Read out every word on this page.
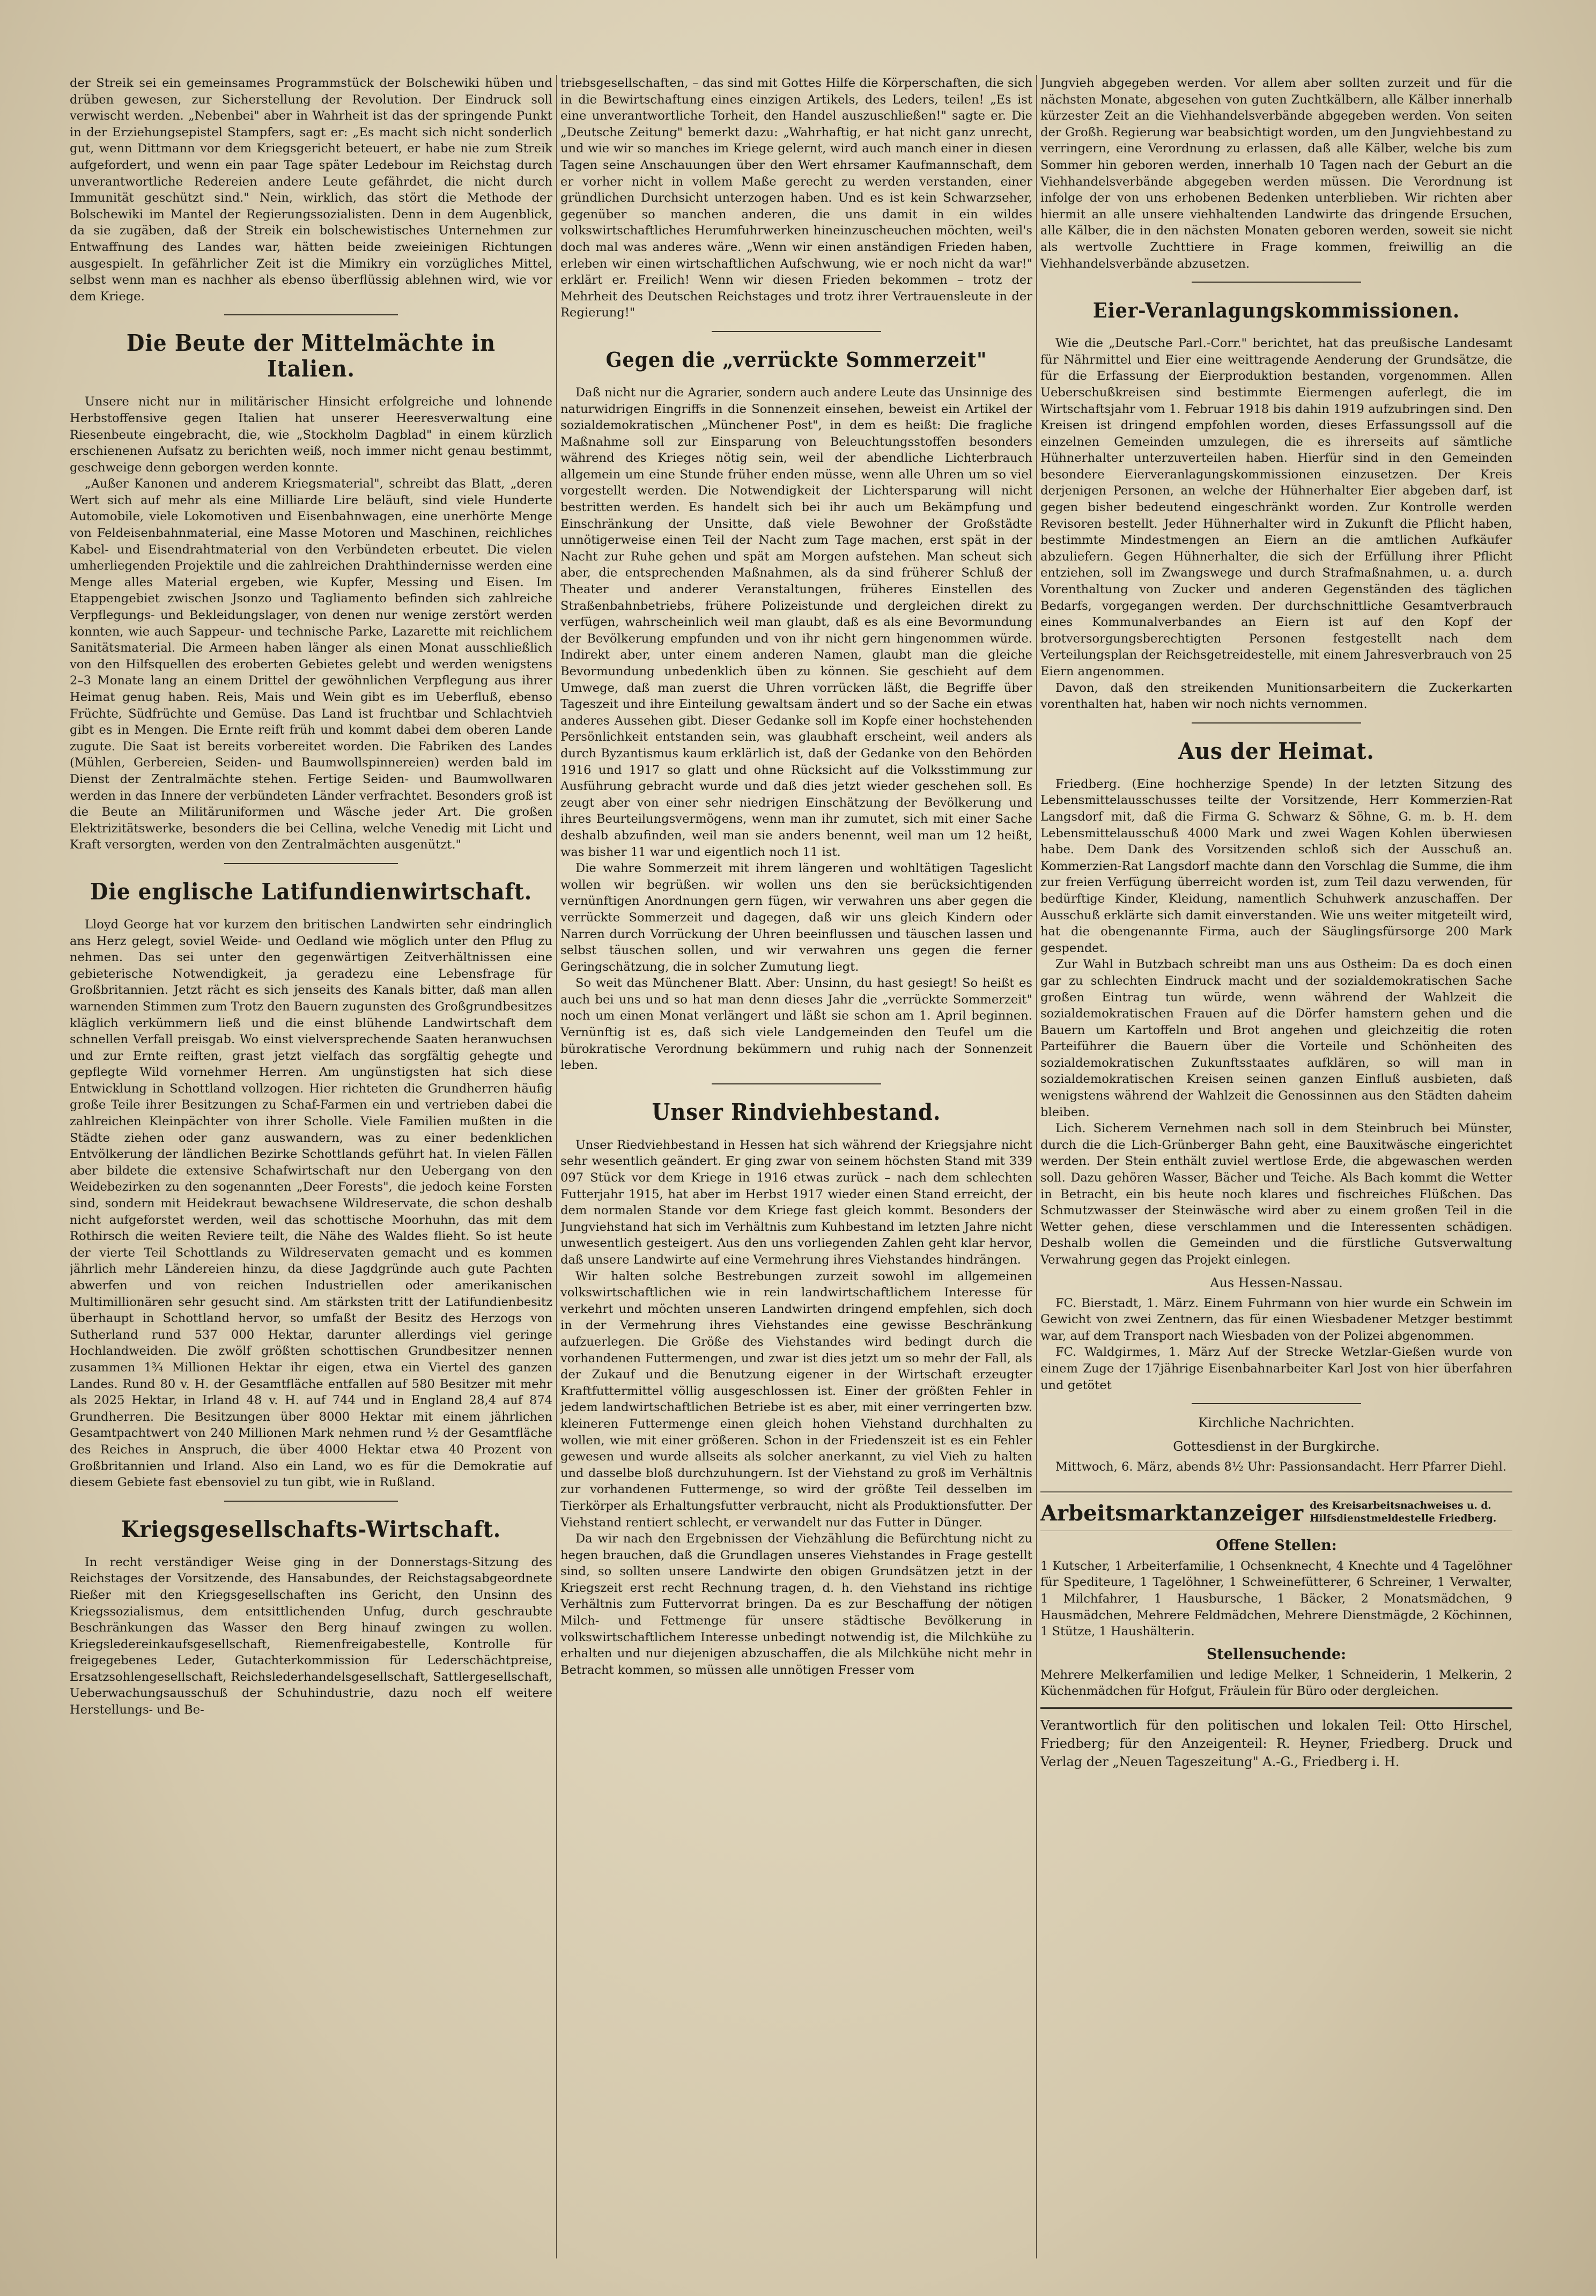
der Streik sei ein gemeinsames Programmstück der Bolschewiki hüben und drüben gewesen, zur Sicherstellung der Revolution. Der Eindruck soll verwischt werden. „Nebenbei" aber in Wahrheit ist das der springende Punkt in der Erziehungsepistel Stampfers, sagt er: „Es macht sich nicht sonderlich gut, wenn Dittmann vor dem Kriegsgericht beteuert, er habe nie zum Streik aufgefordert, und wenn ein paar Tage später Ledebour im Reichstag durch unverantwortliche Redereien andere Leute gefährdet, die nicht durch Immunität geschützt sind." Nein, wirklich, das stört die Methode der Bolschewiki im Mantel der Regierungssozialisten. Denn in dem Augenblick, da sie zugäben, daß der Streik ein bolschewistisches Unternehmen zur Entwaffnung des Landes war, hätten beide zweieinigen Richtungen ausgespielt. In gefährlicher Zeit ist die Mimikry ein vorzügliches Mittel, selbst wenn man es nachher als ebenso überflüssig ablehnen wird, wie vor dem Kriege.

Die Beute der Mittelmächte in Italien.

Unsere nicht nur in militärischer Hinsicht erfolgreiche und lohnende Herbstoffensive gegen Italien hat unserer Heeresverwaltung eine Riesenbeute eingebracht, die, wie „Stockholm Dagblad" in einem kürzlich erschienenen Aufsatz zu berichten weiß, noch immer nicht genau bestimmt, geschweige denn geborgen werden konnte.

„Außer Kanonen und anderem Kriegsmaterial", schreibt das Blatt, „deren Wert sich auf mehr als eine Milliarde Lire beläuft, sind viele Hunderte Automobile, viele Lokomotiven und Eisenbahnwagen, eine unerhörte Menge von Feldeisenbahnmaterial, eine Masse Motoren und Maschinen, reichliches Kabel- und Eisendrahtmaterial von den Verbündeten erbeutet. Die vielen umherliegenden Projektile und die zahlreichen Drahthindernisse werden eine Menge alles Material ergeben, wie Kupfer, Messing und Eisen. Im Etappengebiet zwischen Jsonzo und Tagliamento befinden sich zahlreiche Verpflegungs- und Bekleidungslager, von denen nur wenige zerstört werden konnten, wie auch Sappeur- und technische Parke, Lazarette mit reichlichem Sanitätsmaterial. Die Armeen haben länger als einen Monat ausschließlich von den Hilfsquellen des eroberten Gebietes gelebt und werden wenigstens 2–3 Monate lang an einem Drittel der gewöhnlichen Verpflegung aus ihrer Heimat genug haben. Reis, Mais und Wein gibt es im Ueberfluß, ebenso Früchte, Südfrüchte und Gemüse. Das Land ist fruchtbar und Schlachtvieh gibt es in Mengen. Die Ernte reift früh und kommt dabei dem oberen Lande zugute. Die Saat ist bereits vorbereitet worden. Die Fabriken des Landes (Mühlen, Gerbereien, Seiden- und Baumwollspinnereien) werden bald im Dienst der Zentralmächte stehen. Fertige Seiden- und Baumwollwaren werden in das Innere der verbündeten Länder verfrachtet. Besonders groß ist die Beute an Militäruniformen und Wäsche jeder Art. Die großen Elektrizitätswerke, besonders die bei Cellina, welche Venedig mit Licht und Kraft versorgten, werden von den Zentralmächten ausgenützt."

Die englische Latifundienwirtschaft.

Lloyd George hat vor kurzem den britischen Landwirten sehr eindringlich ans Herz gelegt, soviel Weide- und Oedland wie möglich unter den Pflug zu nehmen. Das sei unter den gegenwärtigen Zeitverhältnissen eine gebieterische Notwendigkeit, ja geradezu eine Lebensfrage für Großbritannien. Jetzt rächt es sich jenseits des Kanals bitter, daß man allen warnenden Stimmen zum Trotz den Bauern zugunsten des Großgrundbesitzes kläglich verkümmern ließ und die einst blühende Landwirtschaft dem schnellen Verfall preisgab. Wo einst vielversprechende Saaten heranwuchsen und zur Ernte reiften, grast jetzt vielfach das sorgfältig gehegte und gepflegte Wild vornehmer Herren. Am ungünstigsten hat sich diese Entwicklung in Schottland vollzogen. Hier richteten die Grundherren häufig große Teile ihrer Besitzungen zu Schaf-Farmen ein und vertrieben dabei die zahlreichen Kleinpächter von ihrer Scholle. Viele Familien mußten in die Städte ziehen oder ganz auswandern, was zu einer bedenklichen Entvölkerung der ländlichen Bezirke Schottlands geführt hat. In vielen Fällen aber bildete die extensive Schafwirtschaft nur den Uebergang von den Weidebezirken zu den sogenannten „Deer Forests", die jedoch keine Forsten sind, sondern mit Heidekraut bewachsene Wildreservate, die schon deshalb nicht aufgeforstet werden, weil das schottische Moorhuhn, das mit dem Rothirsch die weiten Reviere teilt, die Nähe des Waldes flieht. So ist heute der vierte Teil Schottlands zu Wildreservaten gemacht und es kommen jährlich mehr Ländereien hinzu, da diese Jagdgründe auch gute Pachten abwerfen und von reichen Industriellen oder amerikanischen Multimillionären sehr gesucht sind. Am stärksten tritt der Latifundienbesitz überhaupt in Schottland hervor, so umfaßt der Besitz des Herzogs von Sutherland rund 537 000 Hektar, darunter allerdings viel geringe Hochlandweiden. Die zwölf größten schottischen Grundbesitzer nennen zusammen 1¾ Millionen Hektar ihr eigen, etwa ein Viertel des ganzen Landes. Rund 80 v. H. der Gesamtfläche entfallen auf 580 Besitzer mit mehr als 2025 Hektar, in Irland 48 v. H. auf 744 und in England 28,4 auf 874 Grundherren. Die Besitzungen über 8000 Hektar mit einem jährlichen Gesamtpachtwert von 240 Millionen Mark nehmen rund ½ der Gesamtfläche des Reiches in Anspruch, die über 4000 Hektar etwa 40 Prozent von Großbritannien und Irland. Also ein Land, wo es für die Demokratie auf diesem Gebiete fast ebensoviel zu tun gibt, wie in Rußland.

Kriegsgesellschafts-Wirtschaft.

In recht verständiger Weise ging in der Donnerstags-Sitzung des Reichstages der Vorsitzende, des Hansabundes, der Reichstagsabgeordnete Rießer mit den Kriegsgesellschaften ins Gericht, den Unsinn des Kriegssozialismus, dem entsittlichenden Unfug, durch geschraubte Beschränkungen das Wasser den Berg hinauf zwingen zu wollen. Kriegsledereinkaufsgesellschaft, Riemenfreigabestelle, Kontrolle für freigegebenes Leder, Gutachterkommission für Lederschächtpreise, Ersatzsohlengesellschaft, Reichslederhandelsgesellschaft, Sattlergesellschaft, Ueberwachungsausschuß der Schuhindustrie, dazu noch elf weitere Herstellungs- und Be-

triebsgesellschaften, – das sind mit Gottes Hilfe die Körperschaften, die sich in die Bewirtschaftung eines einzigen Artikels, des Leders, teilen! „Es ist eine unverantwortliche Torheit, den Handel auszuschließen!" sagte er. Die „Deutsche Zeitung" bemerkt dazu: „Wahrhaftig, er hat nicht ganz unrecht, und wie wir so manches im Kriege gelernt, wird auch manch einer in diesen Tagen seine Anschauungen über den Wert ehrsamer Kaufmannschaft, dem er vorher nicht in vollem Maße gerecht zu werden verstanden, einer gründlichen Durchsicht unterzogen haben. Und es ist kein Schwarzseher, gegenüber so manchen anderen, die uns damit in ein wildes volkswirtschaftliches Herumfuhrwerken hineinzuscheuchen möchten, weil's doch mal was anderes wäre. „Wenn wir einen anständigen Frieden haben, erleben wir einen wirtschaftlichen Aufschwung, wie er noch nicht da war!" erklärt er. Freilich! Wenn wir diesen Frieden bekommen – trotz der Mehrheit des Deutschen Reichstages und trotz ihrer Vertrauensleute in der Regierung!"

Gegen die „verrückte Sommerzeit"

Daß nicht nur die Agrarier, sondern auch andere Leute das Unsinnige des naturwidrigen Eingriffs in die Sonnenzeit einsehen, beweist ein Artikel der sozialdemokratischen „Münchener Post", in dem es heißt: Die fragliche Maßnahme soll zur Einsparung von Beleuchtungsstoffen besonders während des Krieges nötig sein, weil der abendliche Lichterbrauch allgemein um eine Stunde früher enden müsse, wenn alle Uhren um so viel vorgestellt werden. Die Notwendigkeit der Lichtersparung will nicht bestritten werden. Es handelt sich bei ihr auch um Bekämpfung und Einschränkung der Unsitte, daß viele Bewohner der Großstädte unnötigerweise einen Teil der Nacht zum Tage machen, erst spät in der Nacht zur Ruhe gehen und spät am Morgen aufstehen. Man scheut sich aber, die entsprechenden Maßnahmen, als da sind früherer Schluß der Theater und anderer Veranstaltungen, früheres Einstellen des Straßenbahnbetriebs, frühere Polizeistunde und dergleichen direkt zu verfügen, wahrscheinlich weil man glaubt, daß es als eine Bevormundung der Bevölkerung empfunden und von ihr nicht gern hingenommen würde. Indirekt aber, unter einem anderen Namen, glaubt man die gleiche Bevormundung unbedenklich üben zu können. Sie geschieht auf dem Umwege, daß man zuerst die Uhren vorrücken läßt, die Begriffe über Tageszeit und ihre Einteilung gewaltsam ändert und so der Sache ein etwas anderes Aussehen gibt. Dieser Gedanke soll im Kopfe einer hochstehenden Persönlichkeit entstanden sein, was glaubhaft erscheint, weil anders als durch Byzantismus kaum erklärlich ist, daß der Gedanke von den Behörden 1916 und 1917 so glatt und ohne Rücksicht auf die Volksstimmung zur Ausführung gebracht wurde und daß dies jetzt wieder geschehen soll. Es zeugt aber von einer sehr niedrigen Einschätzung der Bevölkerung und ihres Beurteilungsvermögens, wenn man ihr zumutet, sich mit einer Sache deshalb abzufinden, weil man sie anders benennt, weil man um 12 heißt, was bisher 11 war und eigentlich noch 11 ist.

Die wahre Sommerzeit mit ihrem längeren und wohltätigen Tageslicht wollen wir begrüßen. wir wollen uns den sie berücksichtigenden vernünftigen Anordnungen gern fügen, wir verwahren uns aber gegen die verrückte Sommerzeit und dagegen, daß wir uns gleich Kindern oder Narren durch Vorrückung der Uhren beeinflussen und täuschen lassen und selbst täuschen sollen, und wir verwahren uns gegen die ferner Geringschätzung, die in solcher Zumutung liegt.

So weit das Münchener Blatt. Aber: Unsinn, du hast gesiegt! So heißt es auch bei uns und so hat man denn dieses Jahr die „verrückte Sommerzeit" noch um einen Monat verlängert und läßt sie schon am 1. April beginnen. Vernünftig ist es, daß sich viele Landgemeinden den Teufel um die bürokratische Verordnung bekümmern und ruhig nach der Sonnenzeit leben.

Unser Rindviehbestand.

Unser Riedviehbestand in Hessen hat sich während der Kriegsjahre nicht sehr wesentlich geändert. Er ging zwar von seinem höchsten Stand mit 339 097 Stück vor dem Kriege in 1916 etwas zurück – nach dem schlechten Futterjahr 1915, hat aber im Herbst 1917 wieder einen Stand erreicht, der dem normalen Stande vor dem Kriege fast gleich kommt. Besonders der Jungviehstand hat sich im Verhältnis zum Kuhbestand im letzten Jahre nicht unwesentlich gesteigert. Aus den uns vorliegenden Zahlen geht klar hervor, daß unsere Landwirte auf eine Vermehrung ihres Viehstandes hindrängen.

Wir halten solche Bestrebungen zurzeit sowohl im allgemeinen volkswirtschaftlichen wie in rein landwirtschaftlichem Interesse für verkehrt und möchten unseren Landwirten dringend empfehlen, sich doch in der Vermehrung ihres Viehstandes eine gewisse Beschränkung aufzuerlegen. Die Größe des Viehstandes wird bedingt durch die vorhandenen Futtermengen, und zwar ist dies jetzt um so mehr der Fall, als der Zukauf und die Benutzung eigener in der Wirtschaft erzeugter Kraftfuttermittel völlig ausgeschlossen ist. Einer der größten Fehler in jedem landwirtschaftlichen Betriebe ist es aber, mit einer verringerten bzw. kleineren Futtermenge einen gleich hohen Viehstand durchhalten zu wollen, wie mit einer größeren. Schon in der Friedenszeit ist es ein Fehler gewesen und wurde allseits als solcher anerkannt, zu viel Vieh zu halten und dasselbe bloß durchzuhungern. Ist der Viehstand zu groß im Verhältnis zur vorhandenen Futtermenge, so wird der größte Teil desselben im Tierkörper als Erhaltungsfutter verbraucht, nicht als Produktionsfutter. Der Viehstand rentiert schlecht, er verwandelt nur das Futter in Dünger.

Da wir nach den Ergebnissen der Viehzählung die Befürchtung nicht zu hegen brauchen, daß die Grundlagen unseres Viehstandes in Frage gestellt sind, so sollten unsere Landwirte den obigen Grundsätzen jetzt in der Kriegszeit erst recht Rechnung tragen, d. h. den Viehstand ins richtige Verhältnis zum Futtervorrat bringen. Da es zur Beschaffung der nötigen Milch- und Fettmenge für unsere städtische Bevölkerung in volkswirtschaftlichem Interesse unbedingt notwendig ist, die Milchkühe zu erhalten und nur diejenigen abzuschaffen, die als Milchkühe nicht mehr in Betracht kommen, so müssen alle unnötigen Fresser vom

Jungvieh abgegeben werden. Vor allem aber sollten zurzeit und für die nächsten Monate, abgesehen von guten Zuchtkälbern, alle Kälber innerhalb kürzester Zeit an die Viehhandelsverbände abgegeben werden. Von seiten der Großh. Regierung war beabsichtigt worden, um den Jungviehbestand zu verringern, eine Verordnung zu erlassen, daß alle Kälber, welche bis zum Sommer hin geboren werden, innerhalb 10 Tagen nach der Geburt an die Viehhandelsverbände abgegeben werden müssen. Die Verordnung ist infolge der von uns erhobenen Bedenken unterblieben. Wir richten aber hiermit an alle unsere viehhaltenden Landwirte das dringende Ersuchen, alle Kälber, die in den nächsten Monaten geboren werden, soweit sie nicht als wertvolle Zuchttiere in Frage kommen, freiwillig an die Viehhandelsverbände abzusetzen.

Eier-Veranlagungskommissionen.

Wie die „Deutsche Parl.-Corr." berichtet, hat das preußische Landesamt für Nährmittel und Eier eine weittragende Aenderung der Grundsätze, die für die Erfassung der Eierproduktion bestanden, vorgenommen. Allen Ueberschußkreisen sind bestimmte Eiermengen auferlegt, die im Wirtschaftsjahr vom 1. Februar 1918 bis dahin 1919 aufzubringen sind. Den Kreisen ist dringend empfohlen worden, dieses Erfassungssoll auf die einzelnen Gemeinden umzulegen, die es ihrerseits auf sämtliche Hühnerhalter unterzuverteilen haben. Hierfür sind in den Gemeinden besondere Eierveranlagungskommissionen einzusetzen. Der Kreis derjenigen Personen, an welche der Hühnerhalter Eier abgeben darf, ist gegen bisher bedeutend eingeschränkt worden. Zur Kontrolle werden Revisoren bestellt. Jeder Hühnerhalter wird in Zukunft die Pflicht haben, bestimmte Mindestmengen an Eiern an die amtlichen Aufkäufer abzuliefern. Gegen Hühnerhalter, die sich der Erfüllung ihrer Pflicht entziehen, soll im Zwangswege und durch Strafmaßnahmen, u. a. durch Vorenthaltung von Zucker und anderen Gegenständen des täglichen Bedarfs, vorgegangen werden. Der durchschnittliche Gesamtverbrauch eines Kommunalverbandes an Eiern ist auf den Kopf der brotversorgungsberechtigten Personen festgestellt nach dem Verteilungsplan der Reichsgetreidestelle, mit einem Jahresverbrauch von 25 Eiern angenommen.

Davon, daß den streikenden Munitionsarbeitern die Zuckerkarten vorenthalten hat, haben wir noch nichts vernommen.

Aus der Heimat.

Friedberg. (Eine hochherzige Spende) In der letzten Sitzung des Lebensmittelausschusses teilte der Vorsitzende, Herr Kommerzien-Rat Langsdorf mit, daß die Firma G. Schwarz & Söhne, G. m. b. H. dem Lebensmittelausschuß 4000 Mark und zwei Wagen Kohlen überwiesen habe. Dem Dank des Vorsitzenden schloß sich der Ausschuß an. Kommerzien-Rat Langsdorf machte dann den Vorschlag die Summe, die ihm zur freien Verfügung überreicht worden ist, zum Teil dazu verwenden, für bedürftige Kinder, Kleidung, namentlich Schuhwerk anzuschaffen. Der Ausschuß erklärte sich damit einverstanden. Wie uns weiter mitgeteilt wird, hat die obengenannte Firma, auch der Säuglingsfürsorge 200 Mark gespendet.

Zur Wahl in Butzbach schreibt man uns aus Ostheim: Da es doch einen gar zu schlechten Eindruck macht und der sozialdemokratischen Sache großen Eintrag tun würde, wenn während der Wahlzeit die sozialdemokratischen Frauen auf die Dörfer hamstern gehen und die Bauern um Kartoffeln und Brot angehen und gleichzeitig die roten Parteiführer die Bauern über die Vorteile und Schönheiten des sozialdemokratischen Zukunftsstaates aufklären, so will man in sozialdemokratischen Kreisen seinen ganzen Einfluß ausbieten, daß wenigstens während der Wahlzeit die Genossinnen aus den Städten daheim bleiben.

Lich. Sicherem Vernehmen nach soll in dem Steinbruch bei Münster, durch die die Lich-Grünberger Bahn geht, eine Bauxitwäsche eingerichtet werden. Der Stein enthält zuviel wertlose Erde, die abgewaschen werden soll. Dazu gehören Wasser, Bächer und Teiche. Als Bach kommt die Wetter in Betracht, ein bis heute noch klares und fischreiches Flüßchen. Das Schmutzwasser der Steinwäsche wird aber zu einem großen Teil in die Wetter gehen, diese verschlammen und die Interessenten schädigen. Deshalb wollen die Gemeinden und die fürstliche Gutsverwaltung Verwahrung gegen das Projekt einlegen.

Aus Hessen-Nassau.

FC. Bierstadt, 1. März. Einem Fuhrmann von hier wurde ein Schwein im Gewicht von zwei Zentnern, das für einen Wiesbadener Metzger bestimmt war, auf dem Transport nach Wiesbaden von der Polizei abgenommen.

FC. Waldgirmes, 1. März Auf der Strecke Wetzlar-Gießen wurde von einem Zuge der 17jährige Eisenbahnarbeiter Karl Jost von hier überfahren und getötet

Kirchliche Nachrichten.
Gottesdienst in der Burgkirche.

Mittwoch, 6. März, abends 8½ Uhr: Passionsandacht. Herr Pfarrer Diehl.

Arbeitsmarktanzeiger des Kreisarbeitsnachweises u. d. Hilfsdienstmeldestelle Friedberg.
Offene Stellen:

1 Kutscher, 1 Arbeiterfamilie, 1 Ochsenknecht, 4 Knechte und 4 Tagelöhner für Spediteure, 1 Tagelöhner, 1 Schweinefütterer, 6 Schreiner, 1 Verwalter, 1 Milchfahrer, 1 Hausbursche, 1 Bäcker, 2 Monatsmädchen, 9 Hausmädchen, Mehrere Feldmädchen, Mehrere Dienstmägde, 2 Köchinnen, 1 Stütze, 1 Haushälterin.

Stellensuchende:

Mehrere Melkerfamilien und ledige Melker, 1 Schneiderin, 1 Melkerin, 2 Küchenmädchen für Hofgut, Fräulein für Büro oder dergleichen.

Verantwortlich für den politischen und lokalen Teil: Otto Hirschel, Friedberg; für den Anzeigenteil: R. Heyner, Friedberg. Druck und Verlag der „Neuen Tageszeitung" A.-G., Friedberg i. H.
